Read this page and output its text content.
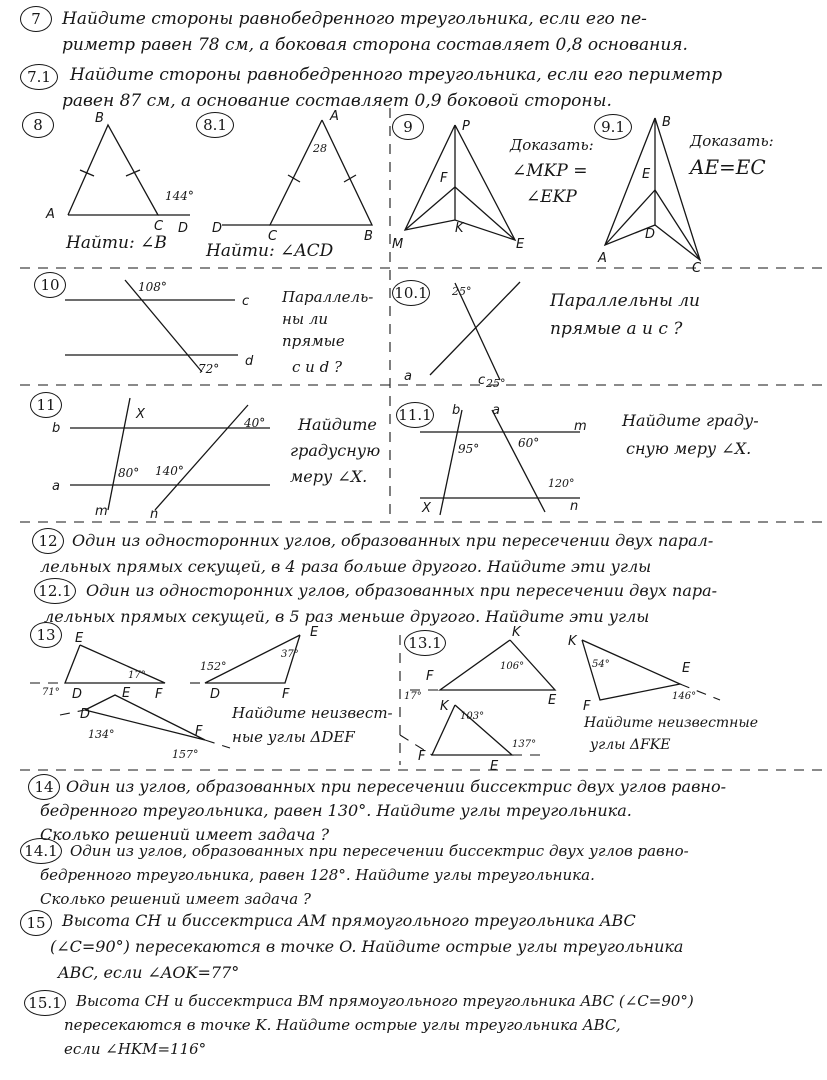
B
A
C D
A
C	B
D
P
F
K
M	E
B
E
D
A
C
c
d
a	c
b
a
m	n
X	b a
m
n
X
E
D	F
E
D	F
D
E
F
K
F
E
K
E
F
K
F
E
7	Найдите стороны равнобедренного треугольника, если его пе-
риметр равен 78 см, а боковая сторона составляет 0,8 основания.
7.1	Найдите стороны равнобедренного треугольника, если его периметр
равен 87 см, а основание составляет 0,9 боковой стороны.
8
144°
Найти: ∠B
8.1
28
Найти: ∠ACD
9
Доказать:
∠MKP =
∠EKP
9.1
Доказать:
AE=EC
10	108°
72°
Параллель-
ны ли
прямые
c и d ?
10.1 25°
25°
Параллельны ли
прямые a и c ?
11
80° 140°
40° Найдите
градусную
меру ∠X.
11.1
95°	60°
120°
Найдите граду-
сную меру ∠X.
12 Один из односторонних углов, образованных при пересечении двух парал-
лельных прямых секущей, в 4 раза больше другого. Найдите эти углы
12.1 Один из односторонних углов, образованных при пересечении двух пара-
лельных прямых секущей, в 5 раз меньше другого. Найдите эти углы
13
17°
71°
37°
152°
134°
157°
Найдите неизвест-
ные углы ΔDEF
13.1
106°
17°
54°
146°
103°
137°
Найдите неизвестные
углы ΔFKE
14 Один из углов, образованных при пересечении биссектрис двух углов равно-
бедренного треугольника, равен 130°. Найдите углы треугольника.
Сколько решений имеет задача ?
14.1 Один из углов, образованных при пересечении биссектрис двух углов равно-
бедренного треугольника, равен 128°. Найдите углы треугольника.
Сколько решений имеет задача ?
15	Высота CH и биссектриса AM прямоугольного треугольника ABC
(∠C=90°) пересекаются в точке O. Найдите острые углы треугольника
ABC, если ∠AOK=77°
15.1 Высота CH и биссектриса BM прямоугольного треугольника ABC (∠C=90°)
пересекаются в точке K. Найдите острые углы треугольника ABC,
если ∠HKM=116°
